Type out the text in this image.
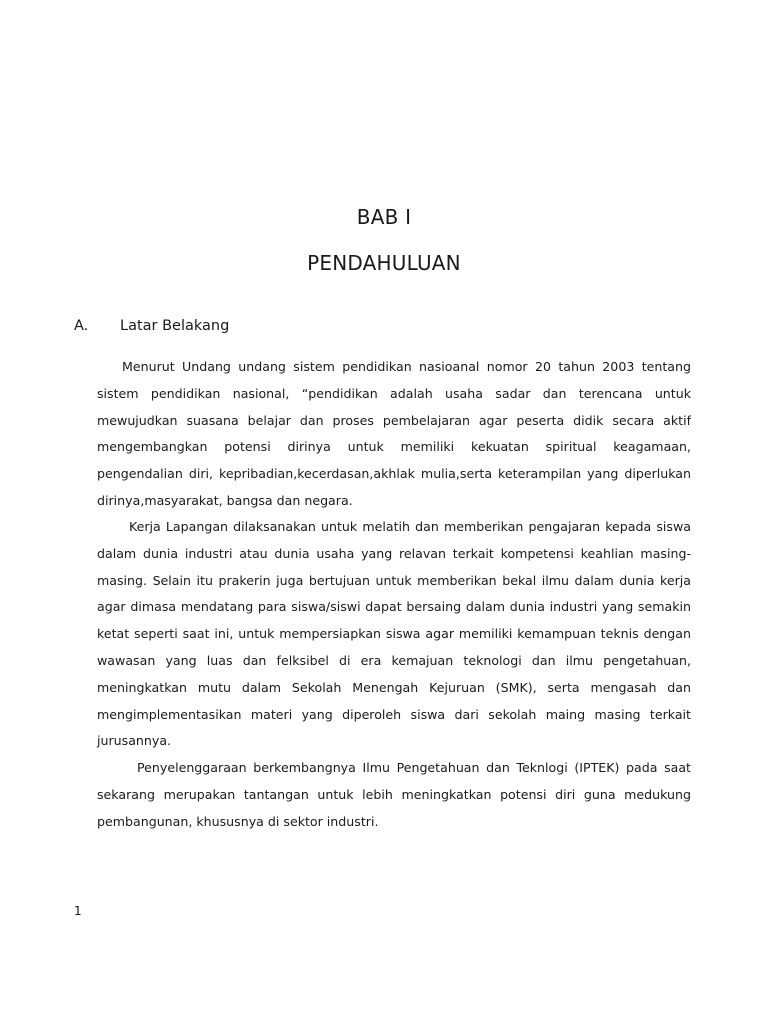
BAB I
PENDAHULUAN
A. Latar Belakang

Menurut Undang undang sistem pendidikan nasioanal nomor 20 tahun 2003 tentang sistem pendidikan nasional, “pendidikan adalah usaha sadar dan terencana untuk mewujudkan suasana belajar dan proses pembelajaran agar peserta didik secara aktif mengembangkan potensi dirinya untuk memiliki kekuatan spiritual keagamaan, pengendalian diri, kepribadian,kecerdasan,akhlak mulia,serta keterampilan yang diperlukan dirinya,masyarakat, bangsa dan negara.

Kerja Lapangan dilaksanakan untuk melatih dan memberikan pengajaran kepada siswa dalam dunia industri atau dunia usaha yang relavan terkait kompetensi keahlian masing-masing. Selain itu prakerin juga bertujuan untuk memberikan bekal ilmu dalam dunia kerja agar dimasa mendatang para siswa/siswi dapat bersaing dalam dunia industri yang semakin ketat seperti saat ini, untuk mempersiapkan siswa agar memiliki kemampuan teknis dengan wawasan yang luas dan felksibel di era kemajuan teknologi dan ilmu pengetahuan, meningkatkan mutu dalam Sekolah Menengah Kejuruan (SMK), serta mengasah dan mengimplementasikan materi yang diperoleh siswa dari sekolah maing masing terkait jurusannya.

Penyelenggaraan berkembangnya Ilmu Pengetahuan dan Teknlogi (IPTEK) pada saat sekarang merupakan tantangan untuk lebih meningkatkan potensi diri guna medukung pembangunan, khususnya di sektor industri.

1
